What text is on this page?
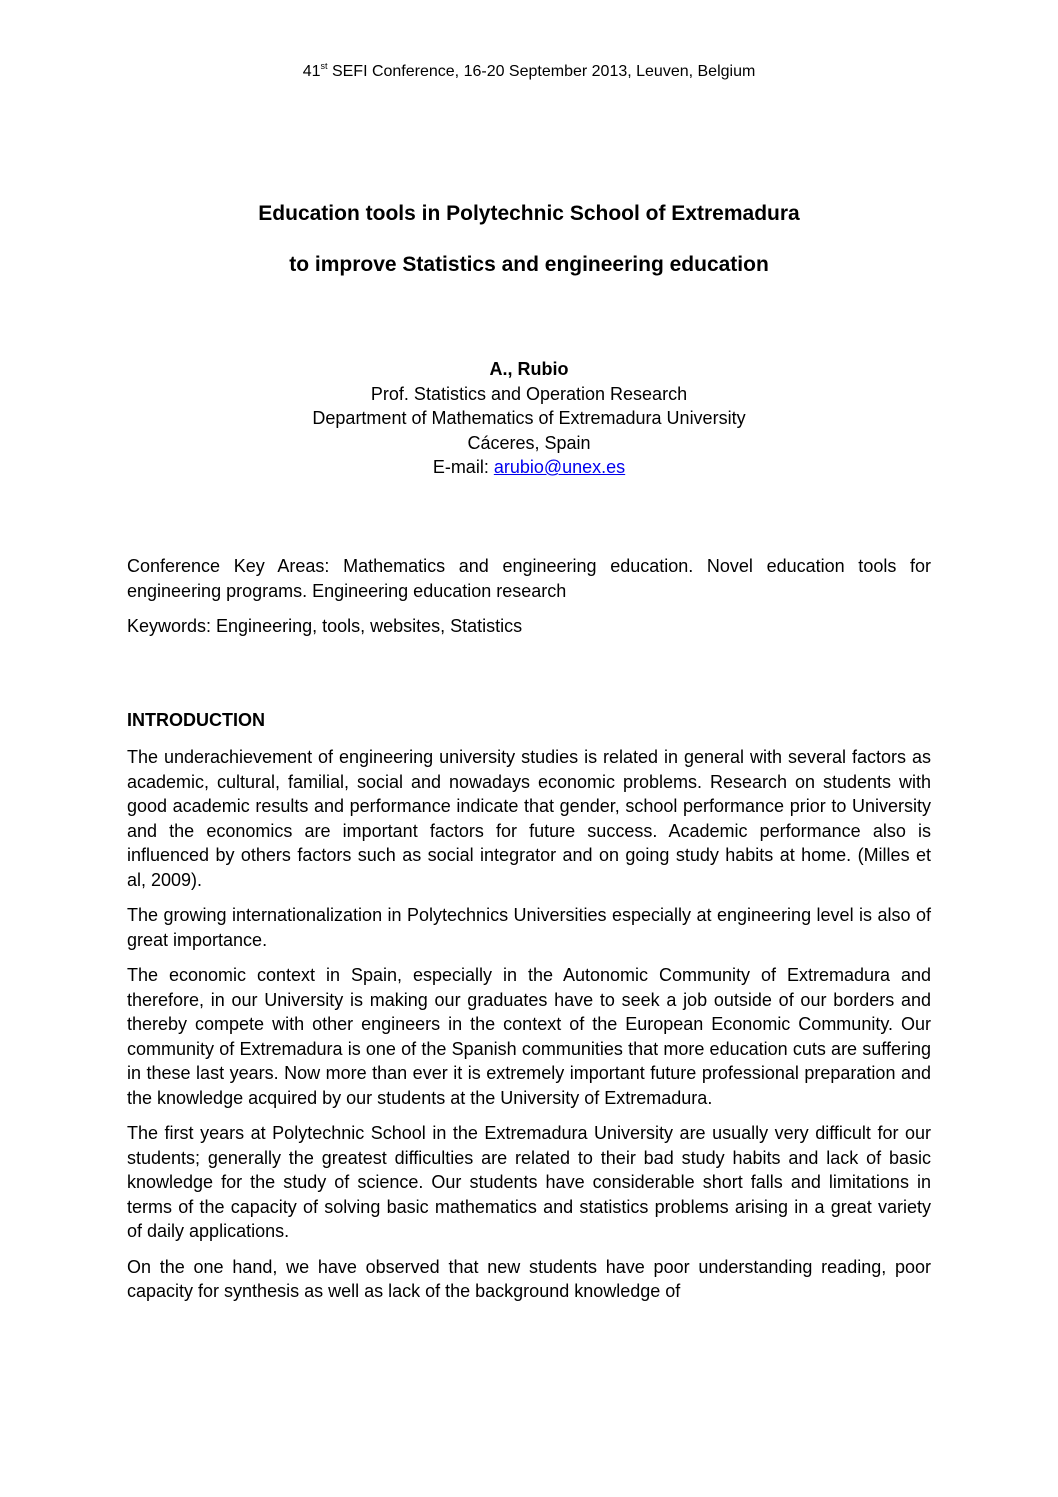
41st SEFI Conference, 16-20 September 2013, Leuven, Belgium
Education tools in Polytechnic School of Extremadura
to improve Statistics and engineering education
A., Rubio
Prof. Statistics and Operation Research
Department of Mathematics of Extremadura University
Cáceres, Spain
E-mail: arubio@unex.es

Conference Key Areas: Mathematics and engineering education. Novel education tools for engineering programs. Engineering education research

Keywords: Engineering, tools, websites, Statistics

INTRODUCTION

The underachievement of engineering university studies is related in general with several factors as academic, cultural, familial, social and nowadays economic problems. Research on students with good academic results and performance indicate that gender, school performance prior to University and the economics are important factors for future success. Academic performance also is influenced by others factors such as social integrator and on going study habits at home. (Milles et al, 2009).

The growing internationalization in Polytechnics Universities especially at engineering level is also of great importance.

The economic context in Spain, especially in the Autonomic Community of Extremadura and therefore, in our University is making our graduates have to seek a job outside of our borders and thereby compete with other engineers in the context of the European Economic Community. Our community of Extremadura is one of the Spanish communities that more education cuts are suffering in these last years. Now more than ever it is extremely important future professional preparation and the knowledge acquired by our students at the University of Extremadura.

The first years at Polytechnic School in the Extremadura University are usually very difficult for our students; generally the greatest difficulties are related to their bad study habits and lack of basic knowledge for the study of science. Our students have considerable short falls and limitations in terms of the capacity of solving basic mathematics and statistics problems arising in a great variety of daily applications.

On the one hand, we have observed that new students have poor understanding reading, poor capacity for synthesis as well as lack of the background knowledge of
